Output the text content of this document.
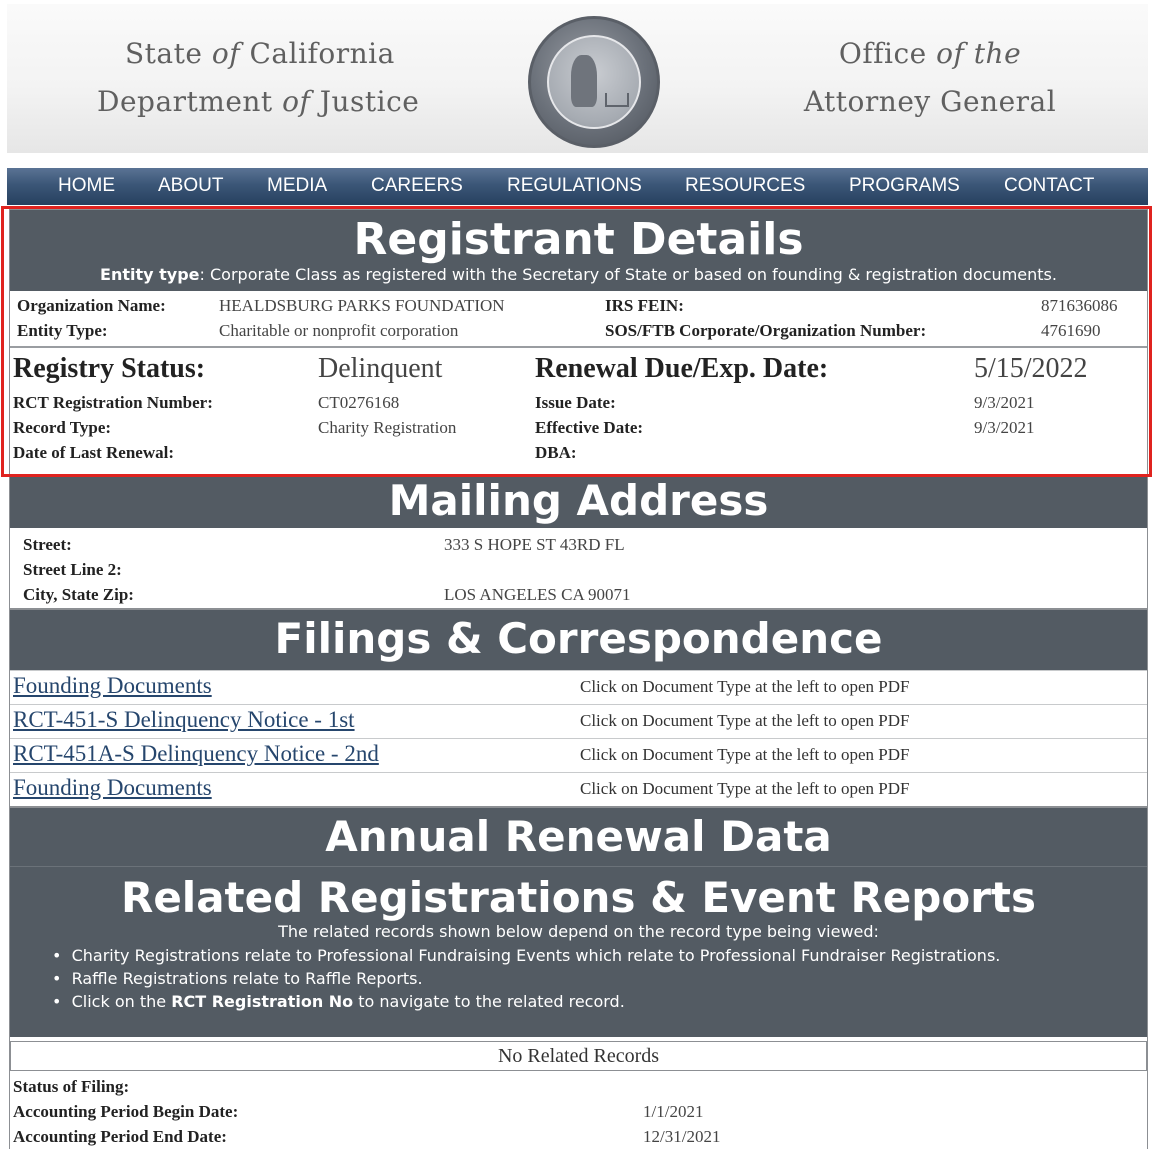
State of California
Department of Justice
Office of the
Attorney General
HOME ABOUT MEDIA CAREERS REGULATIONS RESOURCES PROGRAMS CONTACT
Registrant Details
Entity type: Corporate Class as registered with the Secretary of State or based on founding & registration documents.
Organization Name:	HEALDSBURG PARKS FOUNDATION	IRS FEIN:	871636086
Entity Type:	Charitable or nonprofit corporation	SOS/FTB Corporate/Organization Number:	4761690
Registry Status:	Delinquent	Renewal Due/Exp. Date:	5/15/2022
RCT Registration Number:	CT0276168	Issue Date:	9/3/2021
Record Type:	Charity Registration	Effective Date:	9/3/2021
Date of Last Renewal:	DBA:
Mailing Address
Street:	333 S HOPE ST 43RD FL
Street Line 2:
City, State Zip:	LOS ANGELES CA 90071
Filings & Correspondence
Founding Documents	Click on Document Type at the left to open PDF
RCT-451-S Delinquency Notice - 1st	Click on Document Type at the left to open PDF
RCT-451A-S Delinquency Notice - 2nd	Click on Document Type at the left to open PDF
Founding Documents	Click on Document Type at the left to open PDF
Annual Renewal Data
Related Registrations & Event Reports
The related records shown below depend on the record type being viewed:
•  Charity Registrations relate to Professional Fundraising Events which relate to Professional Fundraiser Registrations.
•  Raffle Registrations relate to Raffle Reports.
•  Click on the RCT Registration No to navigate to the related record.
No Related Records
Status of Filing:
Accounting Period Begin Date:	1/1/2021
Accounting Period End Date:	12/31/2021
